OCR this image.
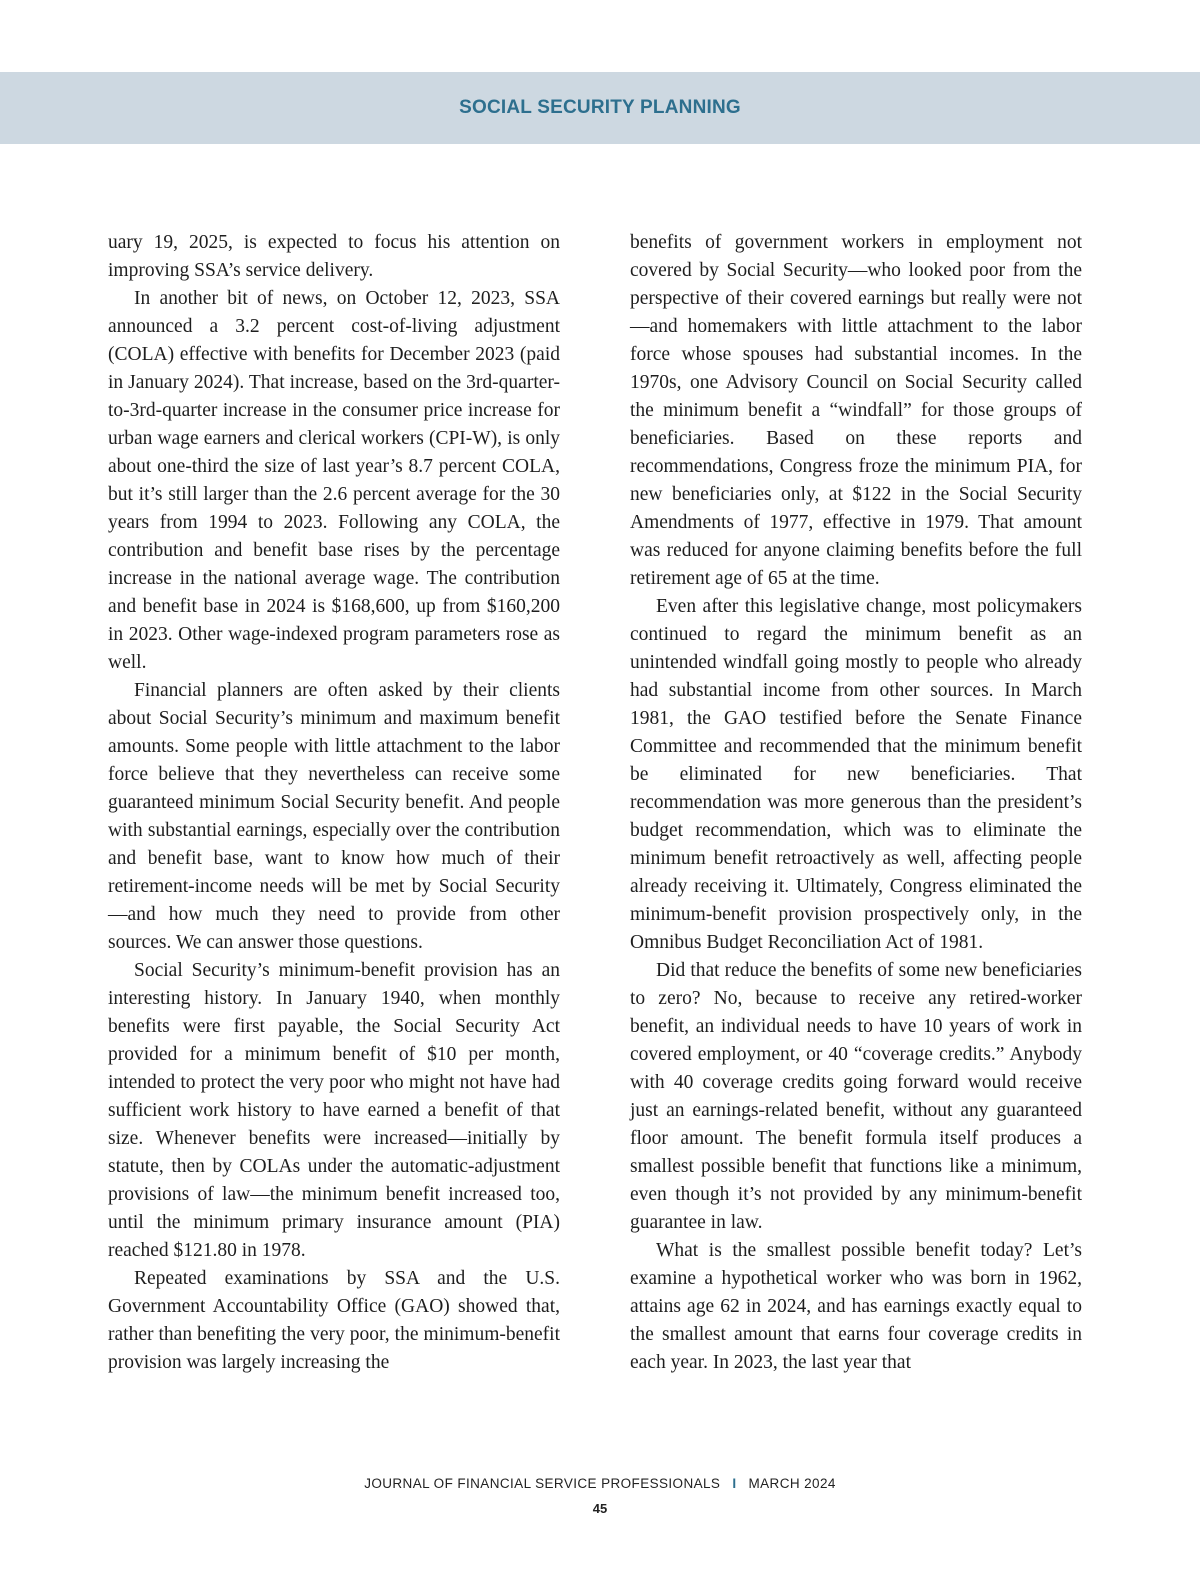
SOCIAL SECURITY PLANNING

uary 19, 2025, is expected to focus his attention on improving SSA’s service delivery.

In another bit of news, on October 12, 2023, SSA announced a 3.2 percent cost-of-living adjustment (COLA) effective with benefits for December 2023 (paid in January 2024). That increase, based on the 3rd-quarter-to-3rd-quarter increase in the consumer price increase for urban wage earners and clerical workers (CPI-W), is only about one-third the size of last year’s 8.7 percent COLA, but it’s still larger than the 2.6 percent average for the 30 years from 1994 to 2023. Following any COLA, the contribution and benefit base rises by the percentage increase in the national average wage. The contribution and benefit base in 2024 is $168,600, up from $160,200 in 2023. Other wage-indexed program parameters rose as well.

Financial planners are often asked by their clients about Social Security’s minimum and maximum benefit amounts. Some people with little attachment to the labor force believe that they nevertheless can receive some guaranteed minimum Social Security benefit. And people with substantial earnings, especially over the contribution and benefit base, want to know how much of their retirement-income needs will be met by Social Security—and how much they need to provide from other sources. We can answer those questions.

Social Security’s minimum-benefit provision has an interesting history. In January 1940, when monthly benefits were first payable, the Social Security Act provided for a minimum benefit of $10 per month, intended to protect the very poor who might not have had sufficient work history to have earned a benefit of that size. Whenever benefits were increased—initially by statute, then by COLAs under the automatic-adjustment provisions of law—the minimum benefit increased too, until the minimum primary insurance amount (PIA) reached $121.80 in 1978.

Repeated examinations by SSA and the U.S. Government Accountability Office (GAO) showed that, rather than benefiting the very poor, the minimum-benefit provision was largely increasing the

benefits of government workers in employment not covered by Social Security—who looked poor from the perspective of their covered earnings but really were not—and homemakers with little attachment to the labor force whose spouses had substantial incomes. In the 1970s, one Advisory Council on Social Security called the minimum benefit a “windfall” for those groups of beneficiaries. Based on these reports and recommendations, Congress froze the minimum PIA, for new beneficiaries only, at $122 in the Social Security Amendments of 1977, effective in 1979. That amount was reduced for anyone claiming benefits before the full retirement age of 65 at the time.

Even after this legislative change, most policymakers continued to regard the minimum benefit as an unintended windfall going mostly to people who already had substantial income from other sources. In March 1981, the GAO testified before the Senate Finance Committee and recommended that the minimum benefit be eliminated for new beneficiaries. That recommendation was more generous than the president’s budget recommendation, which was to eliminate the minimum benefit retroactively as well, affecting people already receiving it. Ultimately, Congress eliminated the minimum-benefit provision prospectively only, in the Omnibus Budget Reconciliation Act of 1981.

Did that reduce the benefits of some new beneficiaries to zero? No, because to receive any retired-worker benefit, an individual needs to have 10 years of work in covered employment, or 40 “coverage credits.” Anybody with 40 coverage credits going forward would receive just an earnings-related benefit, without any guaranteed floor amount. The benefit formula itself produces a smallest possible benefit that functions like a minimum, even though it’s not provided by any minimum-benefit guarantee in law.

What is the smallest possible benefit today? Let’s examine a hypothetical worker who was born in 1962, attains age 62 in 2024, and has earnings exactly equal to the smallest amount that earns four coverage credits in each year. In 2023, the last year that

JOURNAL OF FINANCIAL SERVICE PROFESSIONALS I MARCH 2024
45
